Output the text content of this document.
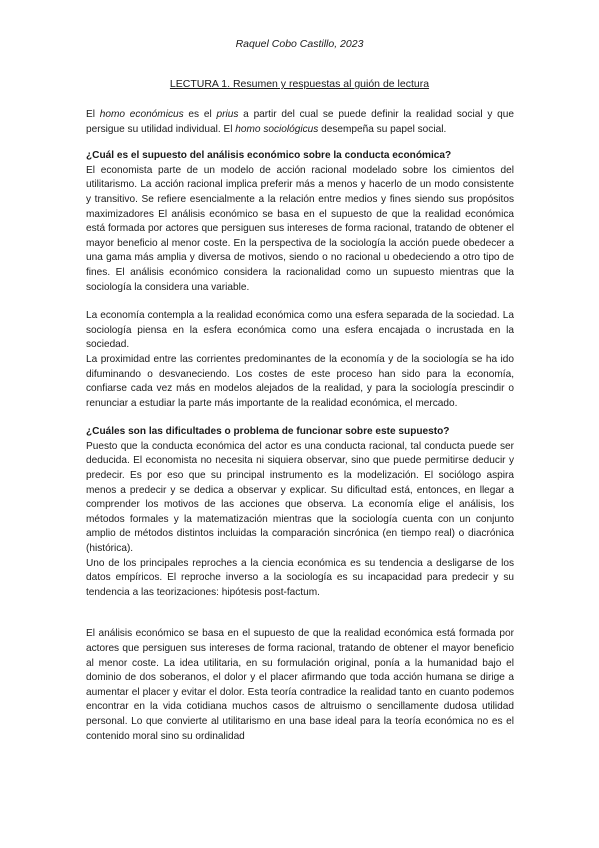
Raquel Cobo Castillo, 2023
LECTURA 1. Resumen y respuestas al guión de lectura

El homo económicus es el prius a partir del cual se puede definir la realidad social y que persigue su utilidad individual. El homo sociológicus desempeña su papel social.

¿Cuál es el supuesto del análisis económico sobre la conducta económica?

El economista parte de un modelo de acción racional modelado sobre los cimientos del utilitarismo. La acción racional implica preferir más a menos y hacerlo de un modo consistente y transitivo. Se refiere esencialmente a la relación entre medios y fines siendo sus propósitos maximizadores El análisis económico se basa en el supuesto de que la realidad económica está formada por actores que persiguen sus intereses de forma racional, tratando de obtener el mayor beneficio al menor coste. En la perspectiva de la sociología la acción puede obedecer a una gama más amplia y diversa de motivos, siendo o no racional u obedeciendo a otro tipo de fines. El análisis económico considera la racionalidad como un supuesto mientras que la sociología la considera una variable.

La economía contempla a la realidad económica como una esfera separada de la sociedad. La sociología piensa en la esfera económica como una esfera encajada o incrustada en la sociedad.

La proximidad entre las corrientes predominantes de la economía y de la sociología se ha ido difuminando o desvaneciendo. Los costes de este proceso han sido para la economía, confiarse cada vez más en modelos alejados de la realidad, y para la sociología prescindir o renunciar a estudiar la parte más importante de la realidad económica, el mercado.

¿Cuáles son las dificultades o problema de funcionar sobre este supuesto?

Puesto que la conducta económica del actor es una conducta racional, tal conducta puede ser deducida. El economista no necesita ni siquiera observar, sino que puede permitirse deducir y predecir. Es por eso que su principal instrumento es la modelización. El sociólogo aspira menos a predecir y se dedica a observar y explicar. Su dificultad está, entonces, en llegar a comprender los motivos de las acciones que observa. La economía elige el análisis, los métodos formales y la matematización mientras que la sociología cuenta con un conjunto amplio de métodos distintos incluidas la comparación sincrónica (en tiempo real) o diacrónica (histórica).

Uno de los principales reproches a la ciencia económica es su tendencia a desligarse de los datos empíricos. El reproche inverso a la sociología es su incapacidad para predecir y su tendencia a las teorizaciones: hipótesis post-factum.

El análisis económico se basa en el supuesto de que la realidad económica está formada por actores que persiguen sus intereses de forma racional, tratando de obtener el mayor beneficio al menor coste. La idea utilitaria, en su formulación original, ponía a la humanidad bajo el dominio de dos soberanos, el dolor y el placer afirmando que toda acción humana se dirige a aumentar el placer y evitar el dolor. Esta teoría contradice la realidad tanto en cuanto podemos encontrar en la vida cotidiana muchos casos de altruismo o sencillamente dudosa utilidad personal. Lo que convierte al utilitarismo en una base ideal para la teoría económica no es el contenido moral sino su ordinalidad
